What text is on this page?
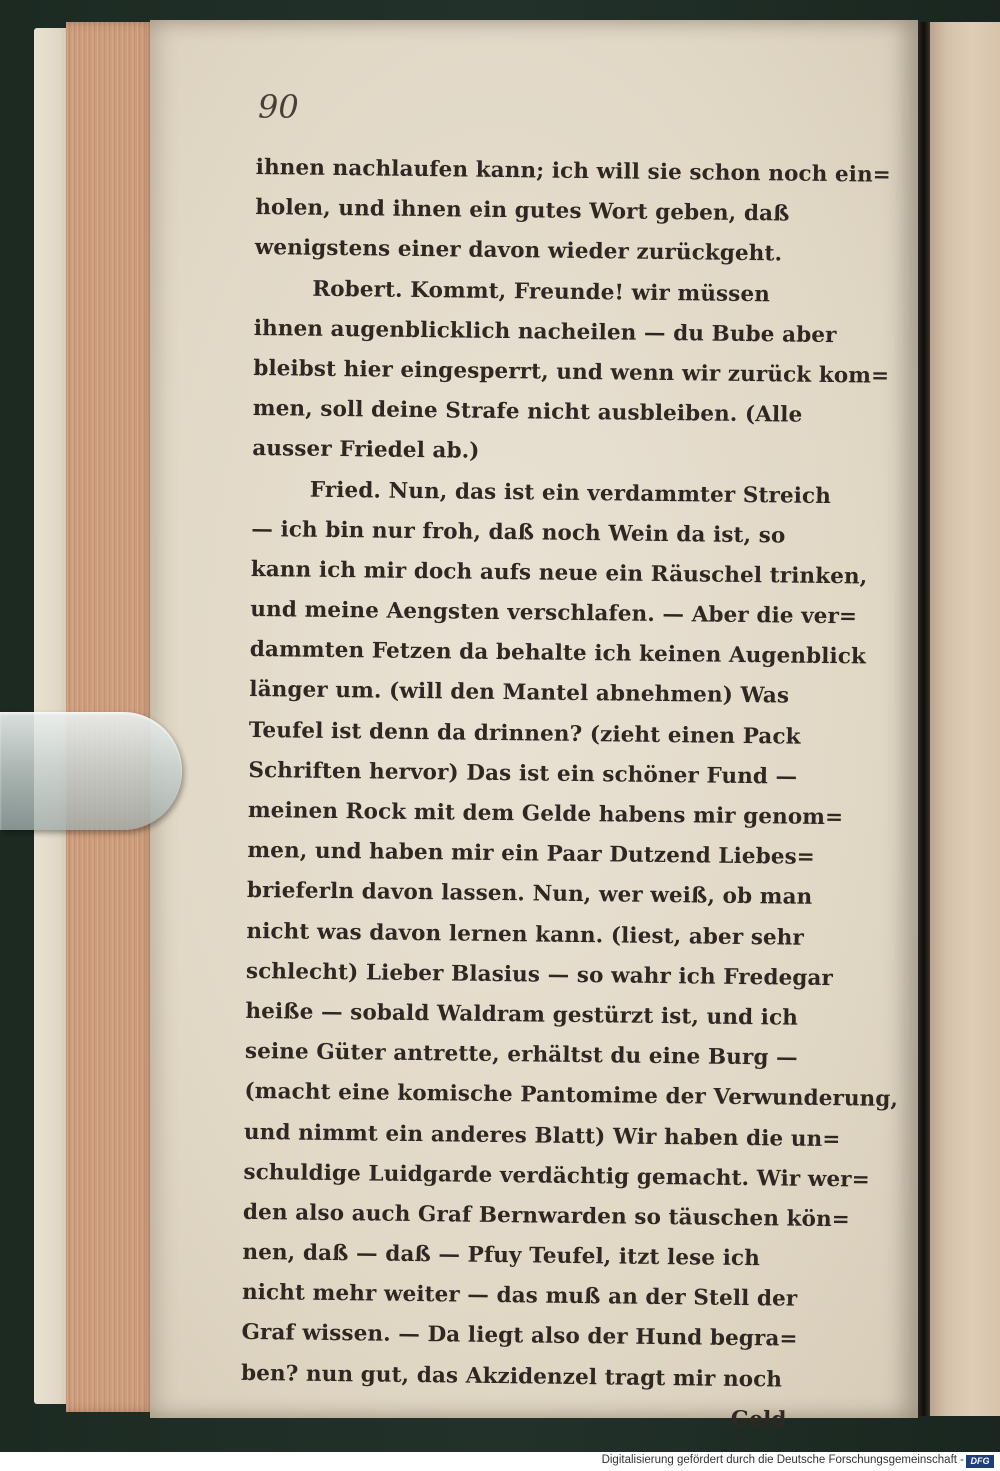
90

ihnen nachlaufen kann; ich will sie schon noch ein=
holen, und ihnen ein gutes Wort geben, daß
wenigstens einer davon wieder zurückgeht.
Robert. Kommt, Freunde! wir müssen
ihnen augenblicklich nacheilen — du Bube aber
bleibst hier eingesperrt, und wenn wir zurück kom=
men, soll deine Strafe nicht ausbleiben. (Alle
ausser Friedel ab.)
Fried. Nun, das ist ein verdammter Streich
— ich bin nur froh, daß noch Wein da ist, so
kann ich mir doch aufs neue ein Räuschel trinken,
und meine Aengsten verschlafen. — Aber die ver=
dammten Fetzen da behalte ich keinen Augenblick
länger um. (will den Mantel abnehmen) Was
Teufel ist denn da drinnen? (zieht einen Pack
Schriften hervor) Das ist ein schöner Fund —
meinen Rock mit dem Gelde habens mir genom=
men, und haben mir ein Paar Dutzend Liebes=
brieferln davon lassen. Nun, wer weiß, ob man
nicht was davon lernen kann. (liest, aber sehr
schlecht) Lieber Blasius — so wahr ich Fredegar
heiße — sobald Waldram gestürzt ist, und ich
seine Güter antrette, erhältst du eine Burg —
(macht eine komische Pantomime der Verwunderung,
und nimmt ein anderes Blatt) Wir haben die un=
schuldige Luidgarde verdächtig gemacht. Wir wer=
den also auch Graf Bernwarden so täuschen kön=
nen, daß — daß — Pfuy Teufel, itzt lese ich
nicht mehr weiter — das muß an der Stell der
Graf wissen. — Da liegt also der Hund begra=
ben? nun gut, das Akzidenzel tragt mir noch
Geld

Digitalisierung gefördert durch die Deutsche Forschungsgemeinschaft - DFG
